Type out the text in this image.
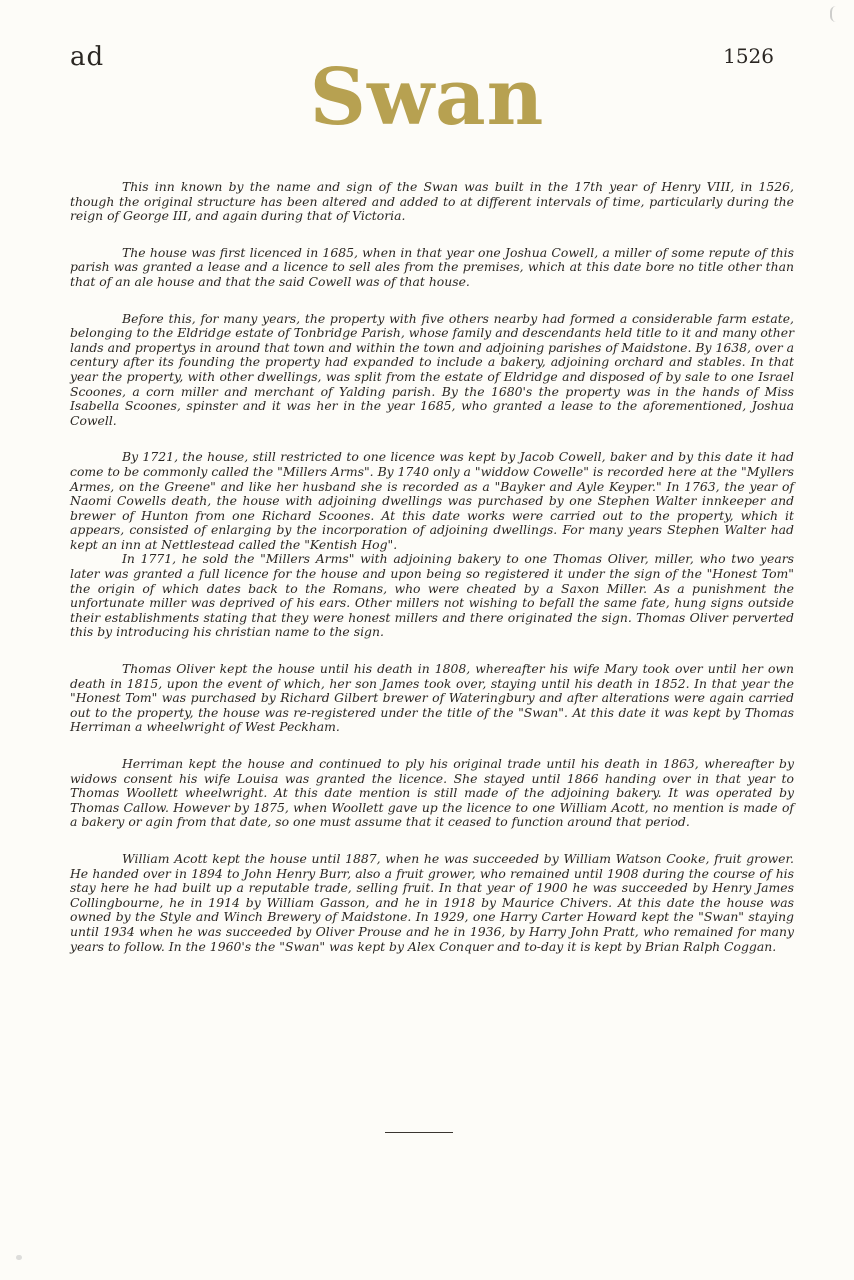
ad	1526
Swan

This inn known by the name and sign of the Swan was built in the 17th year of Henry VIII, in 1526, though the original structure has been altered and added to at different intervals of time, particularly during the reign of George III, and again during that of Victoria.

The house was first licenced in 1685, when in that year one Joshua Cowell, a miller of some repute of this parish was granted a lease and a licence to sell ales from the premises, which at this date bore no title other than that of an ale house and that the said Cowell was of that house.

Before this, for many years, the property with five others nearby had formed a considerable farm estate, belonging to the Eldridge estate of Tonbridge Parish, whose family and descendants held title to it and many other lands and propertys in around that town and within the town and adjoining parishes of Maidstone. By 1638, over a century after its founding the property had expanded to include a bakery, adjoining orchard and stables. In that year the property, with other dwellings, was split from the estate of Eldridge and disposed of by sale to one Israel Scoones, a corn miller and merchant of Yalding parish. By the 1680's the property was in the hands of Miss Isabella Scoones, spinster and it was her in the year 1685, who granted a lease to the aforementioned, Joshua Cowell.

By 1721, the house, still restricted to one licence was kept by Jacob Cowell, baker and by this date it had come to be commonly called the "Millers Arms". By 1740 only a "widdow Cowelle" is recorded here at the "Myllers Armes, on the Greene" and like her husband she is recorded as a "Bayker and Ayle Keyper." In 1763, the year of Naomi Cowells death, the house with adjoining dwellings was purchased by one Stephen Walter innkeeper and brewer of Hunton from one Richard Scoones. At this date works were carried out to the property, which it appears, consisted of enlarging by the incorporation of adjoining dwellings. For many years Stephen Walter had kept an inn at Nettlestead called the "Kentish Hog".

In 1771, he sold the "Millers Arms" with adjoining bakery to one Thomas Oliver, miller, who two years later was granted a full licence for the house and upon being so registered it under the sign of the "Honest Tom" the origin of which dates back to the Romans, who were cheated by a Saxon Miller. As a punishment the unfortunate miller was deprived of his ears. Other millers not wishing to befall the same fate, hung signs outside their establishments stating that they were honest millers and there originated the sign. Thomas Oliver perverted this by introducing his christian name to the sign.

Thomas Oliver kept the house until his death in 1808, whereafter his wife Mary took over until her own death in 1815, upon the event of which, her son James took over, staying until his death in 1852. In that year the "Honest Tom" was purchased by Richard Gilbert brewer of Wateringbury and after alterations were again carried out to the property, the house was re-registered under the title of the "Swan". At this date it was kept by Thomas Herriman a wheelwright of West Peckham.

Herriman kept the house and continued to ply his original trade until his death in 1863, whereafter by widows consent his wife Louisa was granted the licence. She stayed until 1866 handing over in that year to Thomas Woollett wheelwright. At this date mention is still made of the adjoining bakery. It was operated by Thomas Callow. However by 1875, when Woollett gave up the licence to one William Acott, no mention is made of a bakery or agin from that date, so one must assume that it ceased to function around that period.

William Acott kept the house until 1887, when he was succeeded by William Watson Cooke, fruit grower. He handed over in 1894 to John Henry Burr, also a fruit grower, who remained until 1908 during the course of his stay here he had built up a reputable trade, selling fruit. In that year of 1900 he was succeeded by Henry James Collingbourne, he in 1914 by William Gasson, and he in 1918 by Maurice Chivers. At this date the house was owned by the Style and Winch Brewery of Maidstone. In 1929, one Harry Carter Howard kept the "Swan" staying until 1934 when he was succeeded by Oliver Prouse and he in 1936, by Harry John Pratt, who remained for many years to follow. In the 1960's the "Swan" was kept by Alex Conquer and to-day it is kept by Brian Ralph Coggan.
